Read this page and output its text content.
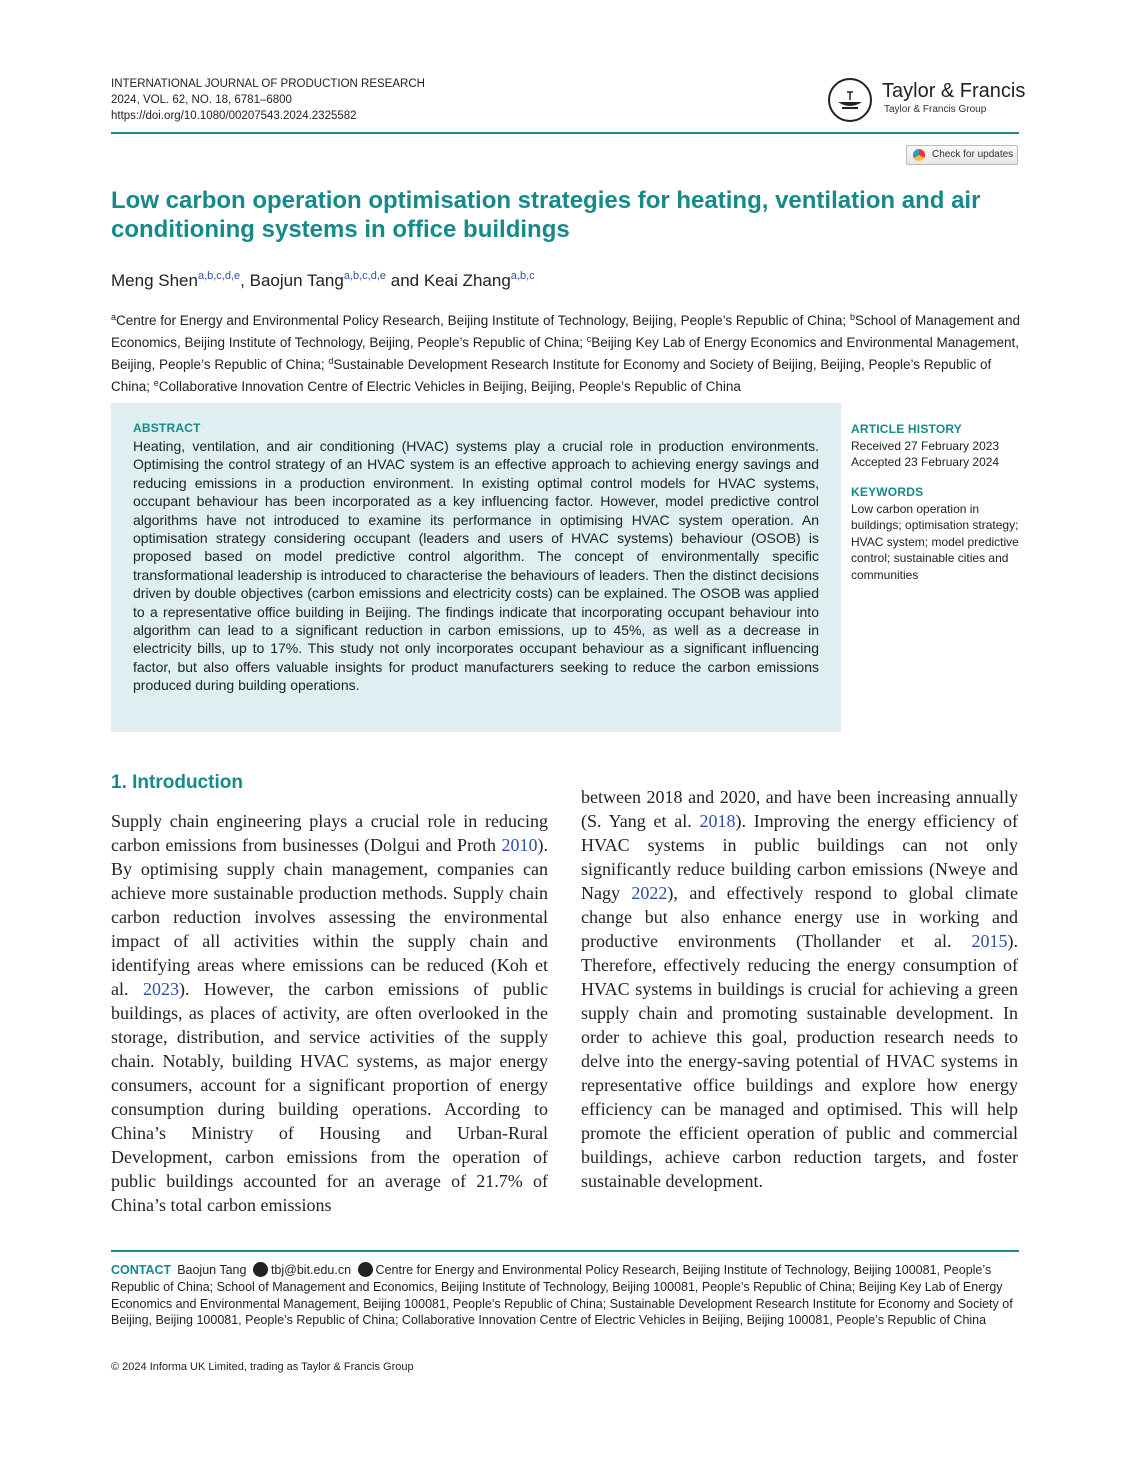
INTERNATIONAL JOURNAL OF PRODUCTION RESEARCH
2024, VOL. 62, NO. 18, 6781–6800
https://doi.org/10.1080/00207543.2024.2325582
Taylor & Francis
Taylor & Francis Group
Check for updates
Low carbon operation optimisation strategies for heating, ventilation and air conditioning systems in office buildings
Meng Shen$^{a,b,c,d,e}$, Baojun Tang$^{a,b,c,d,e}$ and Keai Zhang$^{a,b,c}$
$^a$Centre for Energy and Environmental Policy Research, Beijing Institute of Technology, Beijing, People’s Republic of China; $^b$School of Management and Economics, Beijing Institute of Technology, Beijing, People’s Republic of China; $^c$Beijing Key Lab of Energy Economics and Environmental Management, Beijing, People’s Republic of China; $^d$Sustainable Development Research Institute for Economy and Society of Beijing, Beijing, People’s Republic of China; $^e$Collaborative Innovation Centre of Electric Vehicles in Beijing, Beijing, People’s Republic of China
ABSTRACT
Heating, ventilation, and air conditioning (HVAC) systems play a crucial role in production environments. Optimising the control strategy of an HVAC system is an effective approach to achieving energy savings and reducing emissions in a production environment. In existing optimal control models for HVAC systems, occupant behaviour has been incorporated as a key influencing factor. However, model predictive control algorithms have not introduced to examine its performance in optimising HVAC system operation. An optimisation strategy considering occupant (leaders and users of HVAC systems) behaviour (OSOB) is proposed based on model predictive control algorithm. The concept of environmentally specific transformational leadership is introduced to characterise the behaviours of leaders. Then the distinct decisions driven by double objectives (carbon emissions and electricity costs) can be explained. The OSOB was applied to a representative office building in Beijing. The findings indicate that incorporating occupant behaviour into algorithm can lead to a significant reduction in carbon emissions, up to 45%, as well as a decrease in electricity bills, up to 17%. This study not only incorporates occupant behaviour as a significant influencing factor, but also offers valuable insights for product manufacturers seeking to reduce the carbon emissions produced during building operations.
ARTICLE HISTORY
Received 27 February 2023
Accepted 23 February 2024
KEYWORDS
Low carbon operation in buildings; optimisation strategy; HVAC system; model predictive control; sustainable cities and communities
1. Introduction
Supply chain engineering plays a crucial role in reducing carbon emissions from businesses (Dolgui and Proth 2010). By optimising supply chain management, companies can achieve more sustainable production methods. Supply chain carbon reduction involves assessing the environmental impact of all activities within the supply chain and identifying areas where emissions can be reduced (Koh et al. 2023). However, the carbon emissions of public buildings, as places of activity, are often overlooked in the storage, distribution, and service activities of the supply chain. Notably, building HVAC systems, as major energy consumers, account for a significant proportion of energy consumption during building operations. According to China’s Ministry of Housing and Urban-Rural Development, carbon emissions from the operation of public buildings accounted for an average of 21.7% of China’s total carbon emissions
between 2018 and 2020, and have been increasing annually (S. Yang et al. 2018). Improving the energy efficiency of HVAC systems in public buildings can not only significantly reduce building carbon emissions (Nweye and Nagy 2022), and effectively respond to global climate change but also enhance energy use in working and productive environments (Thollander et al. 2015). Therefore, effectively reducing the energy consumption of HVAC systems in buildings is crucial for achieving a green supply chain and promoting sustainable development. In order to achieve this goal, production research needs to delve into the energy-saving potential of HVAC systems in representative office buildings and explore how energy efficiency can be managed and optimised. This will help promote the efficient operation of public and commercial buildings, achieve carbon reduction targets, and foster sustainable development.
CONTACT Baojun Tang tbj@bit.edu.cn Centre for Energy and Environmental Policy Research, Beijing Institute of Technology, Beijing 100081, People’s Republic of China; School of Management and Economics, Beijing Institute of Technology, Beijing 100081, People’s Republic of China; Beijing Key Lab of Energy Economics and Environmental Management, Beijing 100081, People’s Republic of China; Sustainable Development Research Institute for Economy and Society of Beijing, Beijing 100081, People’s Republic of China; Collaborative Innovation Centre of Electric Vehicles in Beijing, Beijing 100081, People’s Republic of China
© 2024 Informa UK Limited, trading as Taylor & Francis Group
